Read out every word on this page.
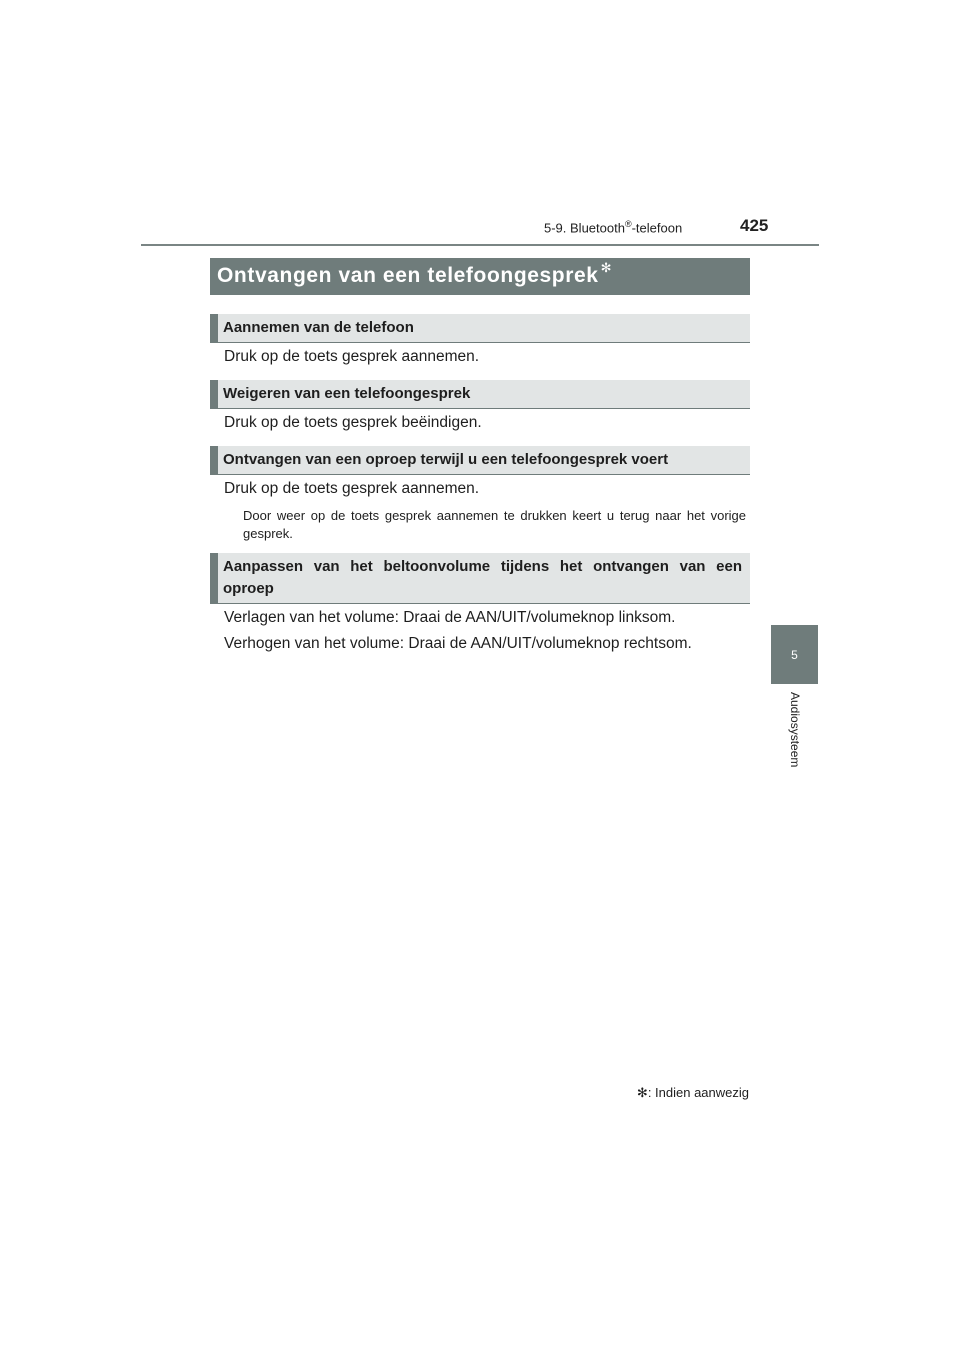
5-9. Bluetooth®-telefoon	425
Ontvangen van een telefoongesprek ✻
Aannemen van de telefoon
Druk op de toets gesprek aannemen.
Weigeren van een telefoongesprek
Druk op de toets gesprek beëindigen.
Ontvangen van een oproep terwijl u een telefoongesprek voert
Druk op de toets gesprek aannemen.
Door weer op de toets gesprek aannemen te drukken keert u terug naar het vorige gesprek.
Aanpassen van het beltoonvolume tijdens het ontvangen van een oproep
Verlagen van het volume: Draai de AAN/UIT/volumeknop linksom.
Verhogen van het volume: Draai de AAN/UIT/volumeknop rechtsom.
✻: Indien aanwezig
5
Audiosysteem
